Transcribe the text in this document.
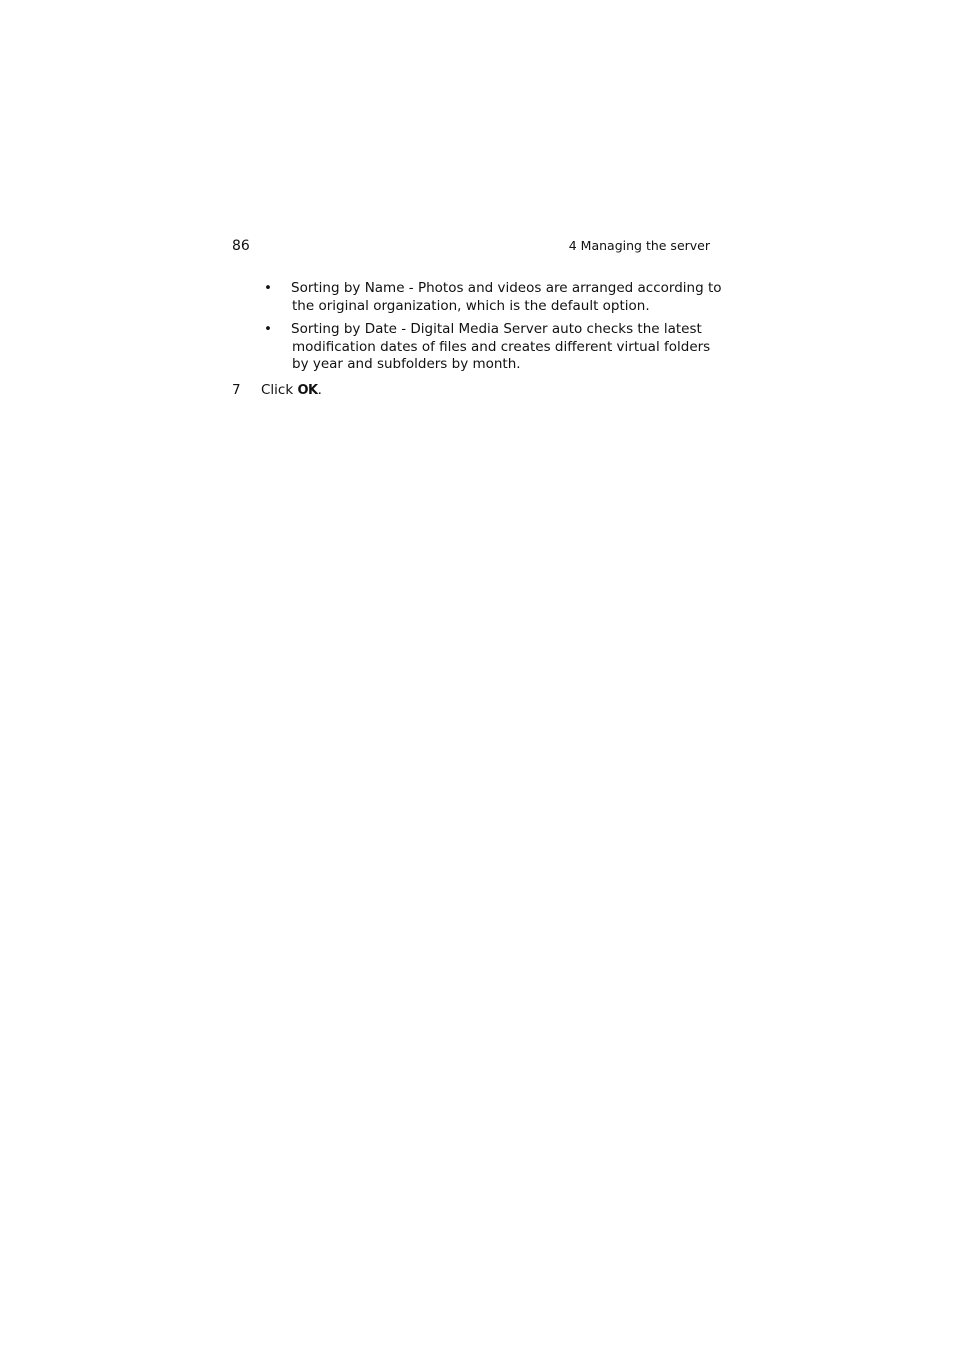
86	4 Managing the server
• Sorting by Name - Photos and videos are arranged according to the original organization, which is the default option.
• Sorting by Date - Digital Media Server auto checks the latest modification dates of files and creates different virtual folders by year and subfolders by month.
7 Click OK.
